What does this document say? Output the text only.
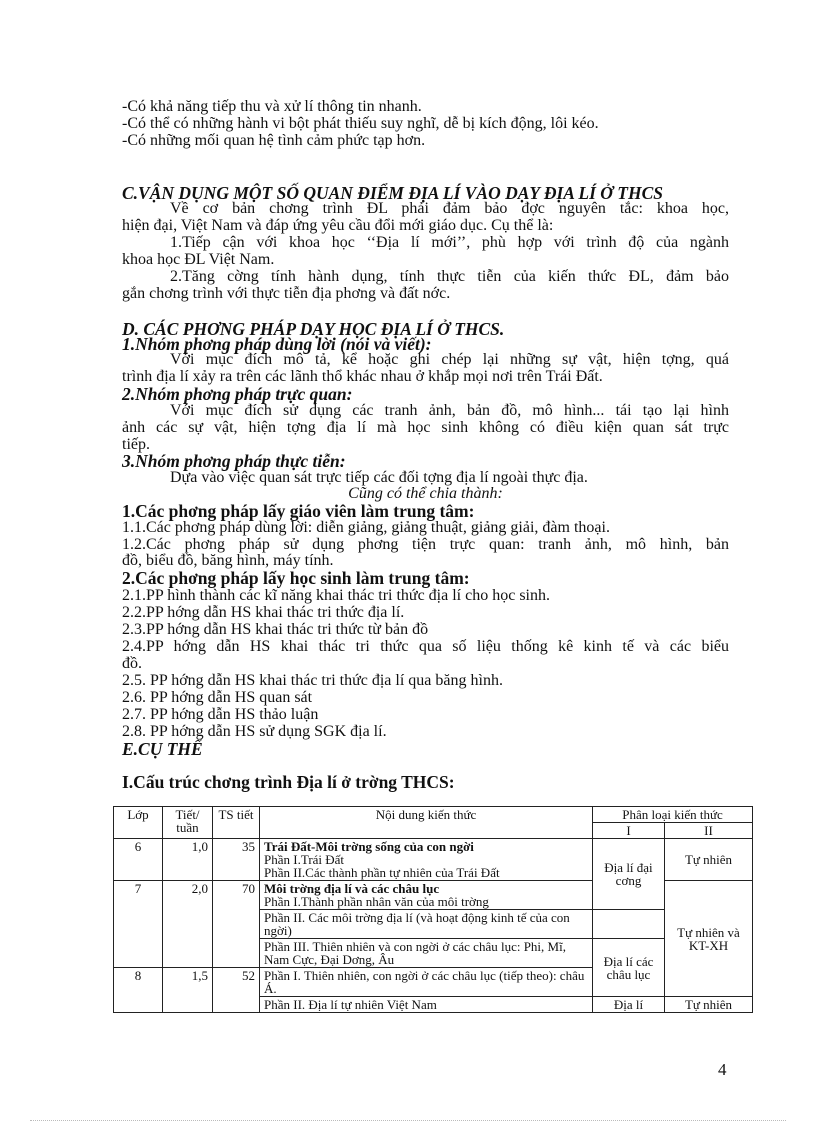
-Có khả năng tiếp thu và xử lí thông tin nhanh.
-Có thể có những hành vi bột phát thiếu suy nghĩ, dễ bị kích động, lôi kéo.
-Có những mối quan hệ tình cảm phức tạp hơn.
C.VẬN DỤNG MỘT SỐ QUAN ĐIỂM ĐỊA LÍ VÀO DẠY ĐỊA LÍ Ở THCS
Về cơ bản chơng trình ĐL phải đảm bảo đợc nguyên tắc: khoa học,
hiện đại, Việt Nam và đáp ứng yêu cầu đổi mới giáo dục. Cụ thể là:
1.Tiếp cận với khoa học ‘‘Địa lí mới’’, phù hợp với trình độ của ngành
khoa học ĐL Việt Nam.
2.Tăng cờng tính hành dụng, tính thực tiễn của kiến thức ĐL, đảm bảo
gắn chơng trình với thực tiễn địa phơng và đất nớc.
D. CÁC PHƠNG PHÁP DẠY HỌC ĐỊA LÍ Ở THCS.
1.Nhóm phơng pháp dùng lời (nói và viết):
Với mục đích mô tả, kể hoặc ghi chép lại những sự vật, hiện tợng, quá
trình địa lí xảy ra trên các lãnh thổ khác nhau ở khắp mọi nơi trên Trái Đất.
2.Nhóm phơng pháp trực quan:
Với mục đích sử dụng các tranh ảnh, bản đồ, mô hình... tái tạo lại hình
ảnh các sự vật, hiện tợng địa lí mà học sinh không có điều kiện quan sát trực
tiếp.
3.Nhóm phơng pháp thực tiễn:
Dựa vào việc quan sát trực tiếp các đối tợng địa lí ngoài thực địa.
Cũng có thể chia thành:
1.Các phơng pháp lấy giáo viên làm trung tâm:
1.1.Các phơng pháp dùng lời: diễn giảng, giảng thuật, giảng giải, đàm thoại.
1.2.Các phơng pháp sử dụng phơng tiện trực quan: tranh ảnh, mô hình, bản
đồ, biểu đồ, băng hình, máy tính.
2.Các phơng pháp lấy học sinh làm trung tâm:
2.1.PP hình thành các kĩ năng khai thác tri thức địa lí cho học sinh.
2.2.PP hớng dẫn HS khai thác tri thức địa lí.
2.3.PP hớng dẫn HS khai thác tri thức từ bản đồ
2.4.PP hớng dẫn HS khai thác tri thức qua số liệu thống kê kinh tế và các biểu
đồ.
2.5. PP hớng dẫn HS khai thác tri thức địa lí qua băng hình.
2.6. PP hớng dẫn HS quan sát
2.7. PP hớng dẫn HS thảo luận
2.8. PP hớng dẫn HS sử dụng SGK địa lí.
E.CỤ THỂ
I.Cấu trúc chơng trình Địa lí ở trờng THCS:
Lớp	Tiết/ tuần	TS tiết	Nội dung kiến thức	Phân loại kiến thức	
				I	II
6	1,0	35	Trái Đất-Môi trờng sống của con ngời
Phần I.Trái Đất
Phần II.Các thành phần tự nhiên của Trái Đất	Địa lí đại cơng	Tự nhiên
7	2,0	70	Môi trờng địa lí và các châu lục
Phần I.Thành phần nhân văn của môi trờng		Tự nhiên và KT-XH
			Phần II. Các môi trờng địa lí (và hoạt động kinh tế của con ngời)		
			Phần III. Thiên nhiên và con ngời ở các châu lục: Phi, Mĩ, Nam Cực, Đại Dơng, Âu	Địa lí các châu lục	
8	1,5	52	Phần I. Thiên nhiên, con ngời ở các châu lục (tiếp theo): châu Á.		
			Phần II. Địa lí tự nhiên Việt Nam	Địa lí	Tự nhiên
4
